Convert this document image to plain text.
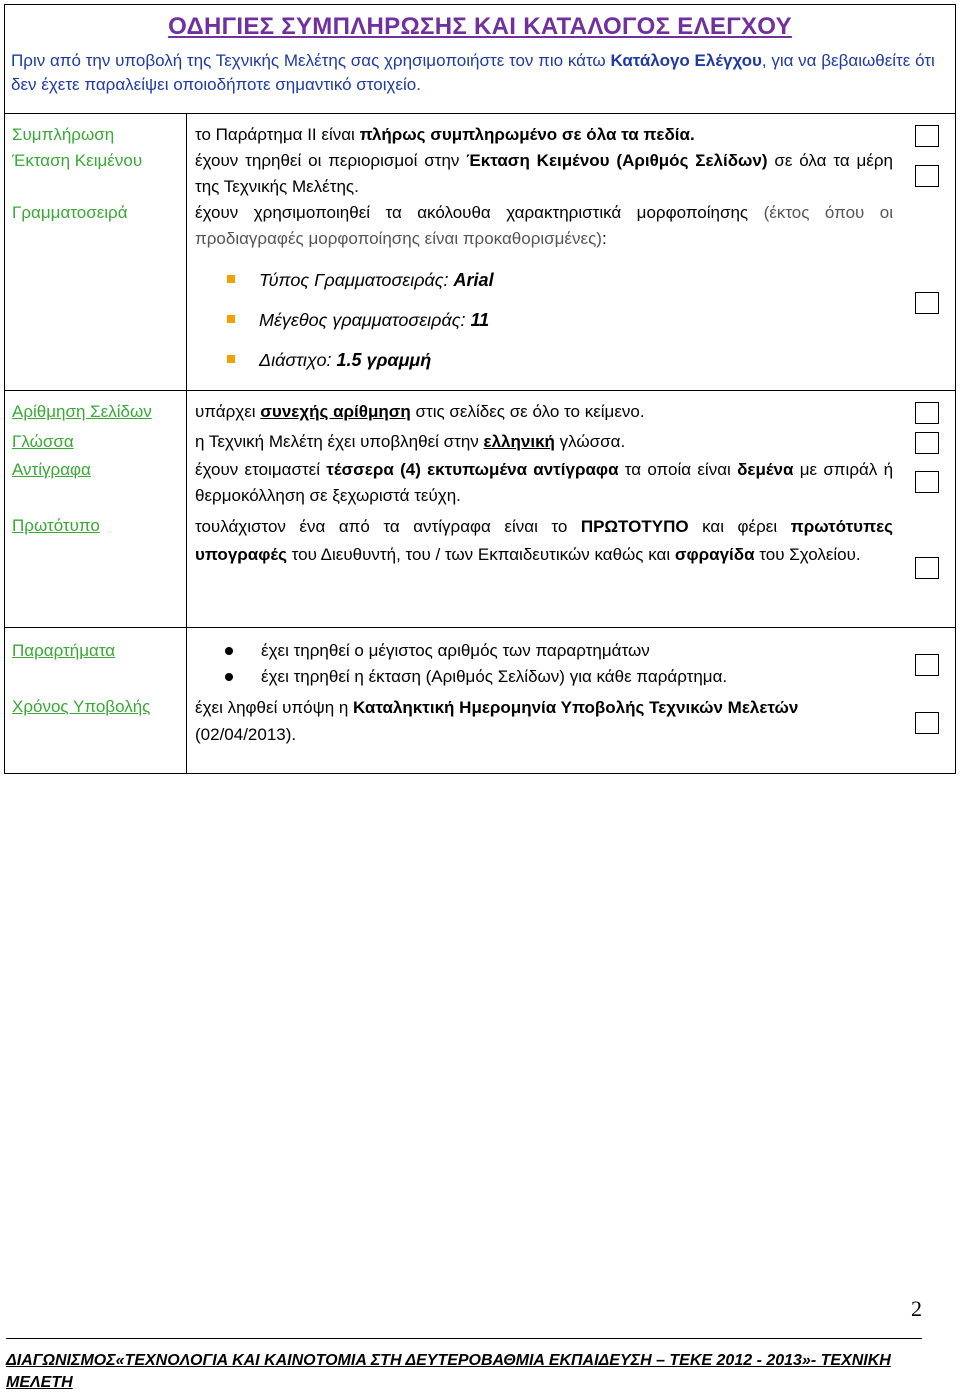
ΟΔΗΓΙΕΣ ΣΥΜΠΛΗΡΩΣΗΣ ΚΑΙ ΚΑΤΑΛΟΓΟΣ ΕΛΕΓΧΟΥ
Πριν από την υποβολή της Τεχνικής Μελέτης σας χρησιμοποιήστε τον πιο κάτω Κατάλογο Ελέγχου, για να βεβαιωθείτε ότι δεν έχετε παραλείψει οποιοδήποτε σημαντικό στοιχείο.
Συμπλήρωση	το Παράρτημα ΙΙ είναι πλήρως συμπληρωμένο σε όλα τα πεδία.
Έκταση Κειμένου	έχουν τηρηθεί οι περιορισμοί στην Έκταση Κειμένου (Αριθμός Σελίδων) σε όλα τα μέρη της Τεχνικής Μελέτης.
Γραμματοσειρά	έχουν χρησιμοποιηθεί τα ακόλουθα χαρακτηριστικά μορφοποίησης (έκτος όπου οι προδιαγραφές μορφοποίησης είναι προκαθορισμένες):
Τύπος Γραμματοσειράς: Arial
Μέγεθος γραμματοσειράς: 11
Διάστιχο: 1.5 γραμμή
Αρίθμηση Σελίδων	υπάρχει συνεχής αρίθμηση στις σελίδες σε όλο το κείμενο.
Γλώσσα	η Τεχνική Μελέτη έχει υποβληθεί στην ελληνική γλώσσα.
Αντίγραφα	έχουν ετοιμαστεί τέσσερα (4) εκτυπωμένα αντίγραφα τα οποία είναι δεμένα με σπιράλ ή θερμοκόλληση σε ξεχωριστά τεύχη.
Πρωτότυπο	τουλάχιστον ένα από τα αντίγραφα είναι το ΠΡΩΤΟΤΥΠΟ και φέρει πρωτότυπες υπογραφές του Διευθυντή, του / των Εκπαιδευτικών καθώς και σφραγίδα του Σχολείου.
Παραρτήματα	έχει τηρηθεί ο μέγιστος αριθμός των παραρτημάτων
έχει τηρηθεί η έκταση (Αριθμός Σελίδων) για κάθε παράρτημα.
Χρόνος Υποβολής	έχει ληφθεί υπόψη η Καταληκτική Ημερομηνία Υποβολής Τεχνικών Μελετών (02/04/2013).
2
ΔΙΑΓΩΝΙΣΜΟΣ«ΤΕΧΝΟΛΟΓΙΑ ΚΑΙ ΚΑΙΝΟΤΟΜΙΑ ΣΤΗ ΔΕΥΤΕΡΟΒΑΘΜΙΑ ΕΚΠΑΙΔΕΥΣΗ – ΤΕΚΕ 2012 - 2013»- ΤΕΧΝΙΚΗ ΜΕΛΕΤΗ
